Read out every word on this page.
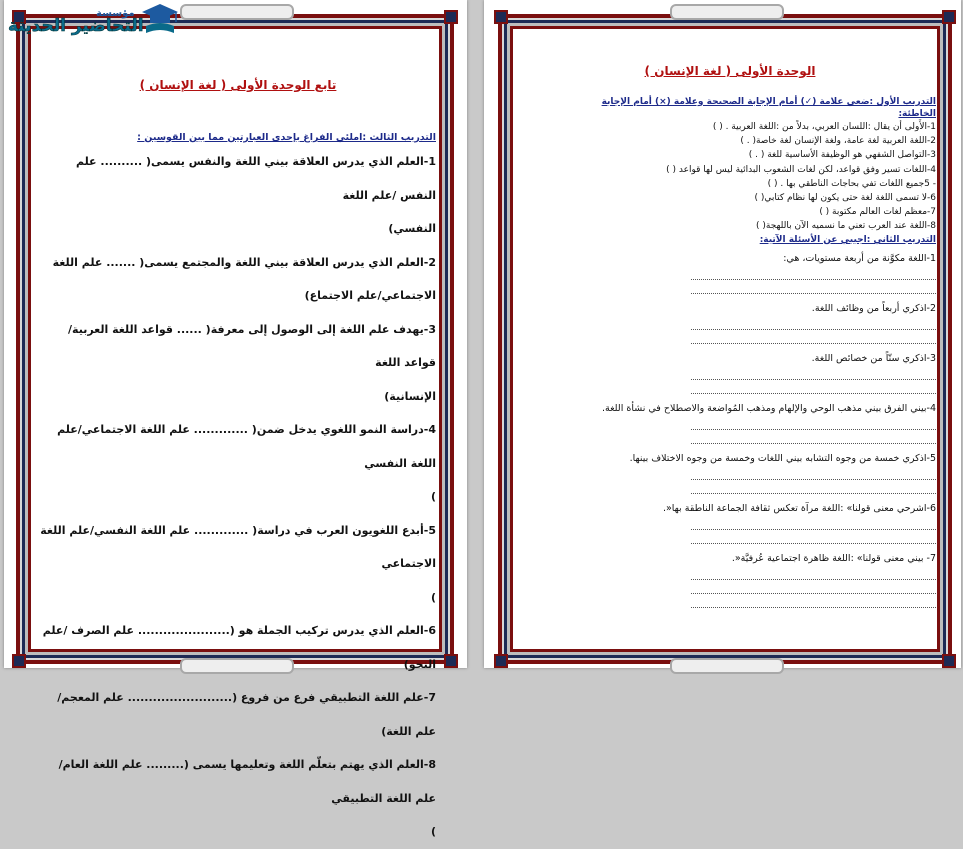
تابع الوحدة الأولى ( لغة الإنسان )

التدريب الثالث :املئي الفراغ بإحدى العبارتين مما بين القوسين :

1-العلم الذي يدرس العلاقة بيني اللغة والنفس يسمى( .......... علم النفس /علم اللغة

النفسي)

2-العلم الذي يدرس العلاقة بيني اللغة والمجتمع يسمى( ....... علم اللغة

الاجتماعي/علم الاجتماع)

3-يهدف علم اللغة إلى الوصول إلى معرفة( ...... قواعد اللغة العربية/قواعد اللغة

الإنسانية)

4-دراسة النمو اللغوي يدخل ضمن( ............. علم اللغة الاجتماعي/علم اللغة النفسي

)

5-أبدع اللغويون العرب في دراسة( ............. علم اللغة النفسي/علم اللغة الاجتماعي

)

6-العلم الذي يدرس تركيب الجملة هو (...................... علم الصرف /علم النحو)

7-علم اللغة التطبيقي فرع من فروع (......................... علم المعجم/علم اللغة)

8-العلم الذي يهتم بتعلّم اللغة وتعليمها يسمى (......... علم اللغة العام/علم اللغة التطبيقي

)

الوحدة الأولى ( لغة الإنسان )

التدريب الأول :ضعي علامة (✓) أمام الإجابة الصحيحة وعلامة (×) أمام الإجابة

الخاطئة:

1-الأَولى أن يقال :اللسان العربي، بدلاً من :اللغة العربية . ( )

2-اللغة العربية لغة عامة، ولغة الإنسان لغة خاصة( . )

3-التواصل الشفهي هو الوظيفة الأساسية للغة ( . )

4-اللغات تسير وفق قواعد، لكن لغات الشعوب البدائية ليس لها قواعد ( )

- 5جميع اللغات تفي بحاجات الناطقي بها . ( )

6-لا تسمى اللغة لغة حتى يكون لها نظام كتابي( )

7-معظم لغات العالم مكتوبة ( )

8-اللغة عند العرب تعني ما نسميه الآن باللهجة( )

التدريب الثاني :اجيبي عن الأسئلة الآتية:

1-اللغة مكوَّنة من أربعة مستويات، هي:

2-اذكري أربعاً من وظائف اللغة.

3-اذكري ستّاً من خصائص اللغة.

4-بيني الفرق بيني مذهب الوحي والإلهام ومذهب المُواضعة والاصطلاح في نشأة اللغة.

5-اذكري خمسة من وجوه التشابه بيني اللغات وخمسة من وجوه الاختلاف بينها.

6-اشرحي معنى قولنا» :اللغة مرآة تعكس ثقافة الجماعة الناطقة بها«.

7- بيني معنى قولنا» :اللغة ظاهرة اجتماعية عُرفيَّة«.

مؤسسة
التحاضير الحديثة
